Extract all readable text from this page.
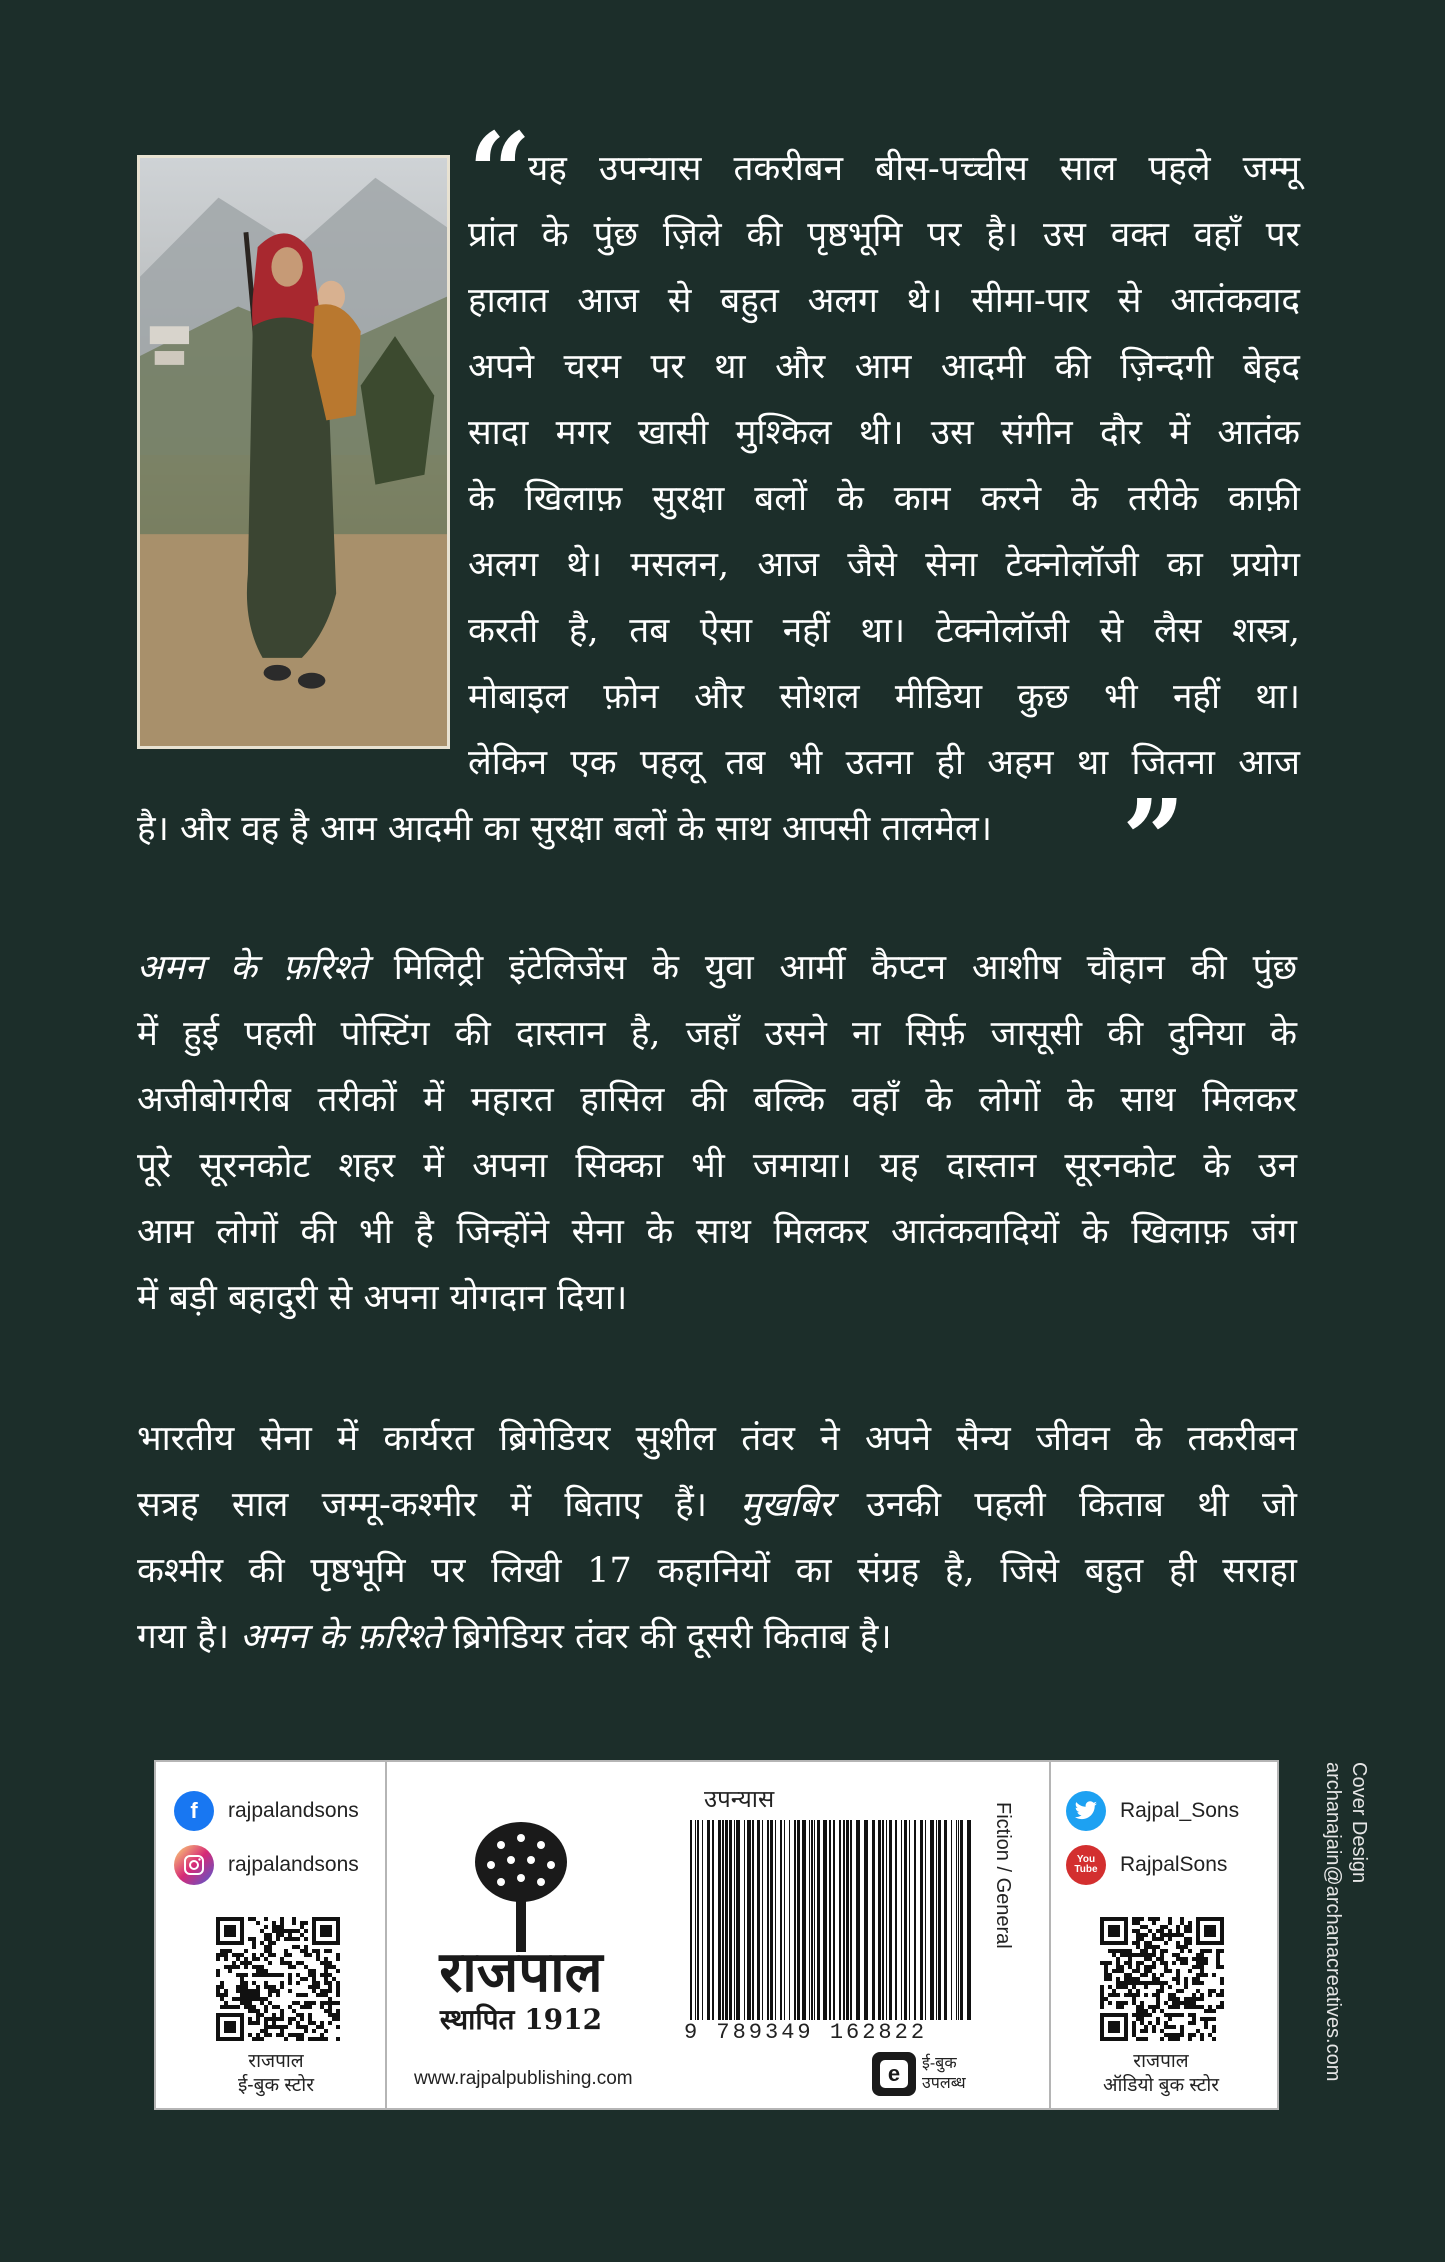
“
यह उपन्यास तकरीबन बीस-पच्चीस साल पहले जम्मू
प्रांत के पुंछ ज़िले की पृष्ठभूमि पर है। उस वक्त वहाँ पर
हालात आज से बहुत अलग थे। सीमा-पार से आतंकवाद
अपने चरम पर था और आम आदमी की ज़िन्दगी बेहद
सादा मगर खासी मुश्किल थी। उस संगीन दौर में आतंक
के खिलाफ़ सुरक्षा बलों के काम करने के तरीके काफ़ी
अलग थे। मसलन, आज जैसे सेना टेक्नोलॉजी का प्रयोग
करती है, तब ऐसा नहीं था। टेक्नोलॉजी से लैस शस्त्र,
मोबाइल फ़ोन और सोशल मीडिया कुछ भी नहीं था।
लेकिन एक पहलू तब भी उतना ही अहम था जितना आज
है। और वह है आम आदमी का सुरक्षा बलों के साथ आपसी तालमेल। ”
अमन के फ़रिश्ते मिलिट्री इंटेलिजेंस के युवा आर्मी कैप्टन आशीष चौहान की पुंछ
में हुई पहली पोस्टिंग की दास्तान है, जहाँ उसने ना सिर्फ़ जासूसी की दुनिया के
अजीबोगरीब तरीकों में महारत हासिल की बल्कि वहाँ के लोगों के साथ मिलकर
पूरे सूरनकोट शहर में अपना सिक्का भी जमाया। यह दास्तान सूरनकोट के उन
आम लोगों की भी है जिन्होंने सेना के साथ मिलकर आतंकवादियों के खिलाफ़ जंग
में बड़ी बहादुरी से अपना योगदान दिया।
भारतीय सेना में कार्यरत ब्रिगेडियर सुशील तंवर ने अपने सैन्य जीवन के तकरीबन
सत्रह साल जम्मू-कश्मीर में बिताए हैं। मुखबिर उनकी पहली किताब थी जो
कश्मीर की पृष्ठभूमि पर लिखी 17 कहानियों का संग्रह है, जिसे बहुत ही सराहा
गया है। अमन के फ़रिश्ते ब्रिगेडियर तंवर की दूसरी किताब है।
f	rajpalandsons
rajpalandsons
राजपाल
ई-बुक स्टोर
राजपाल
स्थापित 1912
www.rajpalpublishing.com
उपन्यास
9 789349 162822
Fiction / General
e	ई-बुक
उपलब्ध
Rajpal_Sons
You Tube	RajpalSons
राजपाल
ऑडियो बुक स्टोर
Cover Design
archanajain@archanacreatives.com
